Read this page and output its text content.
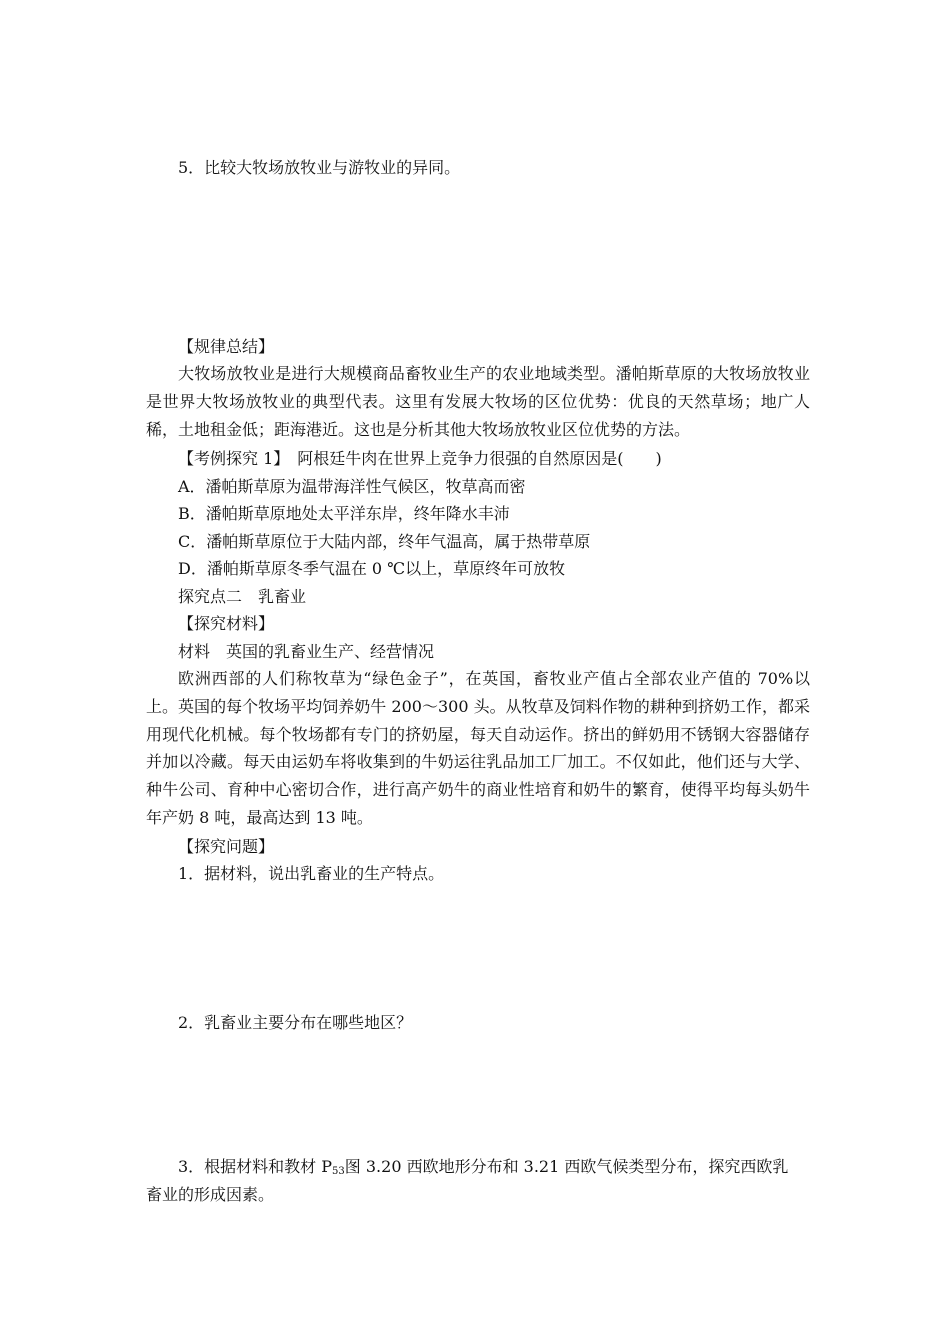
5．比较大牧场放牧业与游牧业的异同。
【规律总结】
大牧场放牧业是进行大规模商品畜牧业生产的农业地域类型。潘帕斯草原的大牧场放牧业是世界大牧场放牧业的典型代表。这里有发展大牧场的区位优势：优良的天然草场；地广人稀，土地租金低；距海港近。这也是分析其他大牧场放牧业区位优势的方法。
【考例探究 1】　阿根廷牛肉在世界上竞争力很强的自然原因是(　　)
A．潘帕斯草原为温带海洋性气候区，牧草高而密
B．潘帕斯草原地处太平洋东岸，终年降水丰沛
C．潘帕斯草原位于大陆内部，终年气温高，属于热带草原
D．潘帕斯草原冬季气温在 0 ℃以上，草原终年可放牧
探究点二　乳畜业
【探究材料】
材料　英国的乳畜业生产、经营情况
欧洲西部的人们称牧草为“绿色金子”，在英国，畜牧业产值占全部农业产值的 70%以上。英国的每个牧场平均饲养奶牛 200～300 头。从牧草及饲料作物的耕种到挤奶工作，都采用现代化机械。每个牧场都有专门的挤奶屋，每天自动运作。挤出的鲜奶用不锈钢大容器储存并加以冷藏。每天由运奶车将收集到的牛奶运往乳品加工厂加工。不仅如此，他们还与大学、种牛公司、育种中心密切合作，进行高产奶牛的商业性培育和奶牛的繁育，使得平均每头奶牛年产奶 8 吨，最高达到 13 吨。
【探究问题】
1．据材料，说出乳畜业的生产特点。
2．乳畜业主要分布在哪些地区？
3．根据材料和教材 $P_{53}$图 3.20 西欧地形分布和 3.21 西欧气候类型分布，探究西欧乳
畜业的形成因素。
